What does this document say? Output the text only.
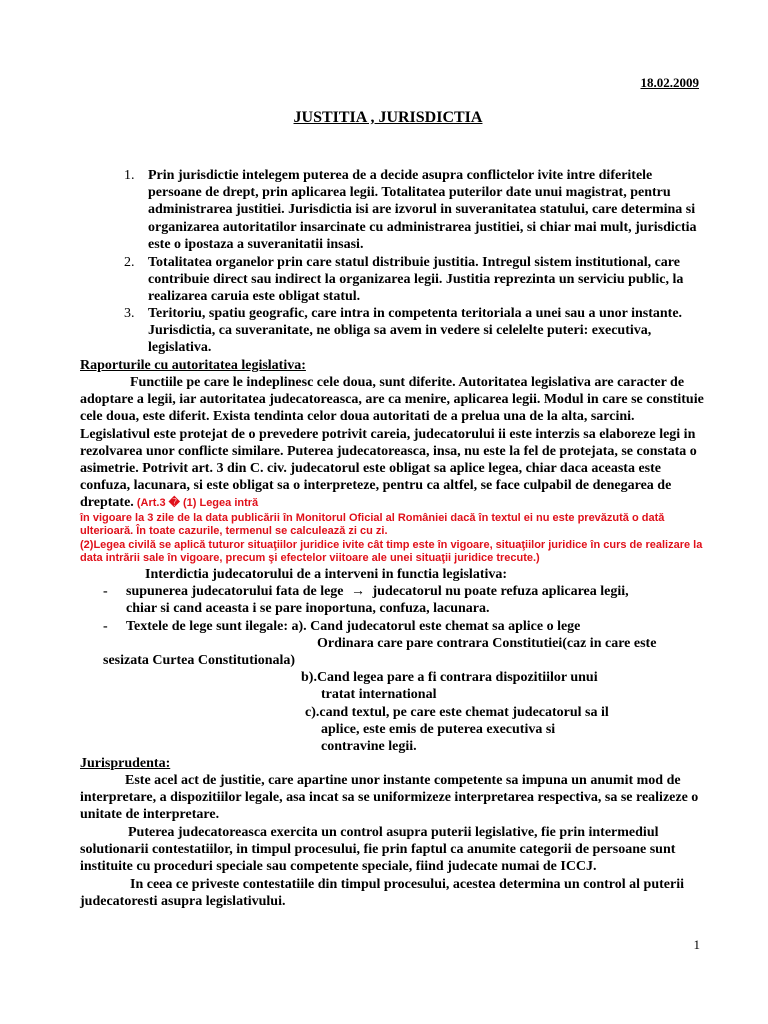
18.02.2009
JUSTITIA , JURISDICTIA
1. Prin jurisdictie intelegem puterea de a decide asupra conflictelor ivite intre diferitele persoane de drept, prin aplicarea legii. Totalitatea puterilor date unui magistrat, pentru administrarea justitiei. Jurisdictia isi are izvorul in suveranitatea statului, care determina si organizarea autoritatilor insarcinate cu administrarea justitiei, si chiar mai mult, jurisdictia este o ipostaza a suveranitatii insasi.

2. Totalitatea organelor prin care statul distribuie justitia. Intregul sistem institutional, care contribuie direct sau indirect la organizarea legii. Justitia reprezinta un serviciu public, la realizarea caruia este obligat statul.

3. Teritoriu, spatiu geografic, care intra in competenta teritoriala a unei sau a unor instante. Jurisdictia, ca suveranitate, ne obliga sa avem in vedere si celelelte puteri: executiva, legislativa.

Raporturile cu autoritatea legislativa:

Functiile pe care le indeplinesc cele doua, sunt diferite. Autoritatea legislativa are caracter de adoptare a legii, iar autoritatea judecatoreasca, are ca menire, aplicarea legii. Modul in care se constituie cele doua, este diferit. Exista tendinta celor doua autoritati de a prelua una de la alta, sarcini. Legislativul este protejat de o prevedere potrivit careia, judecatorului ii este interzis sa elaboreze legi in rezolvarea unor conflicte similare. Puterea judecatoreasca, insa, nu este la fel de protejata, se constata o asimetrie. Potrivit art. 3 din C. civ. judecatorul este obligat sa aplice legea, chiar daca aceasta este confuza, lacunara, si este obligat sa o interpreteze, pentru ca altfel, se face culpabil de denegarea de dreptate. (Art.3 � (1) Legea intră

în vigoare la 3 zile de la data publicării în Monitorul Oficial al României dacă în textul ei nu este prevăzută o dată ulterioară. În toate cazurile, termenul se calculează zi cu zi.

(2)Legea civilă se aplică tuturor situaţiilor juridice ivite cât timp este în vigoare, situaţiilor juridice în curs de realizare la data intrării sale în vigoare, precum şi efectelor viitoare ale unei situaţii juridice trecute.)

Interdictia judecatorului de a interveni in functia legislativa:
- supunerea judecatorului fata de lege → judecatorul nu poate refuza aplicarea legii,
chiar si cand aceasta i se pare inoportuna, confuza, lacunara.
- Textele de lege sunt ilegale: a). Cand judecatorul este chemat sa aplice o lege
Ordinara care pare contrara Constitutiei(caz in care este
sesizata Curtea Constitutionala)
b).Cand legea pare a fi contrara dispozitiilor unui
tratat international
c).cand textul, pe care este chemat judecatorul sa il
aplice, este emis de puterea executiva si
contravine legii.
Jurisprudenta:

Este acel act de justitie, care apartine unor instante competente sa impuna un anumit mod de interpretare, a dispozitiilor legale, asa incat sa se uniformizeze interpretarea respectiva, sa se realizeze o unitate de interpretare.

Puterea judecatoreasca exercita un control asupra puterii legislative, fie prin intermediul solutionarii contestatiilor, in timpul procesului, fie prin faptul ca anumite categorii de persoane sunt instituite cu proceduri speciale sau competente speciale, fiind judecate numai de ICCJ.

In ceea ce priveste contestatiile din timpul procesului, acestea determina un control al puterii judecatoresti asupra legislativului.

1
